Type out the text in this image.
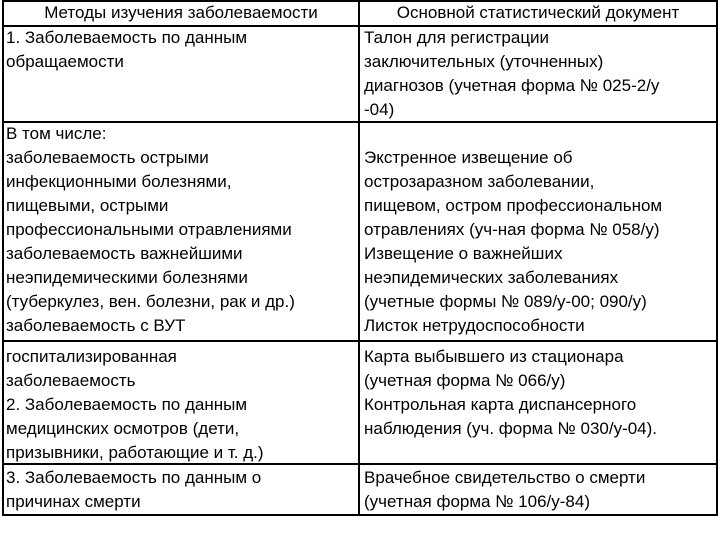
Методы изучения заболеваемости	Основной статистический документ
1. Заболеваемость по данным
обращаемости
Талон для регистрации
заключительных (уточненных)
диагнозов (учетная форма № 025-2/у
-04)
В том числе:
заболеваемость острыми
инфекционными болезнями,
пищевыми, острыми
профессиональными отравлениями
заболеваемость важнейшими
неэпидемическими болезнями
(туберкулез, вен. болезни, рак и др.)
заболеваемость с ВУТ

Экстренное извещение об
острозаразном заболевании,
пищевом, остром профессиональном
отравлениях (уч-ная форма № 058/у)
Извещение о важнейших
неэпидемических заболеваниях
(учетные формы № 089/у-00; 090/у)
Листок нетрудоспособности
госпитализированная
заболеваемость
2. Заболеваемость по данным
медицинских осмотров (дети,
призывники, работающие и т. д.)
Карта выбывшего из стационара
(учетная форма № 066/у)
Контрольная карта диспансерного
наблюдения (уч. форма № 030/у-04).
3. Заболеваемость по данным о
причинах смерти
Врачебное свидетельство о смерти
(учетная форма № 106/у-84)
